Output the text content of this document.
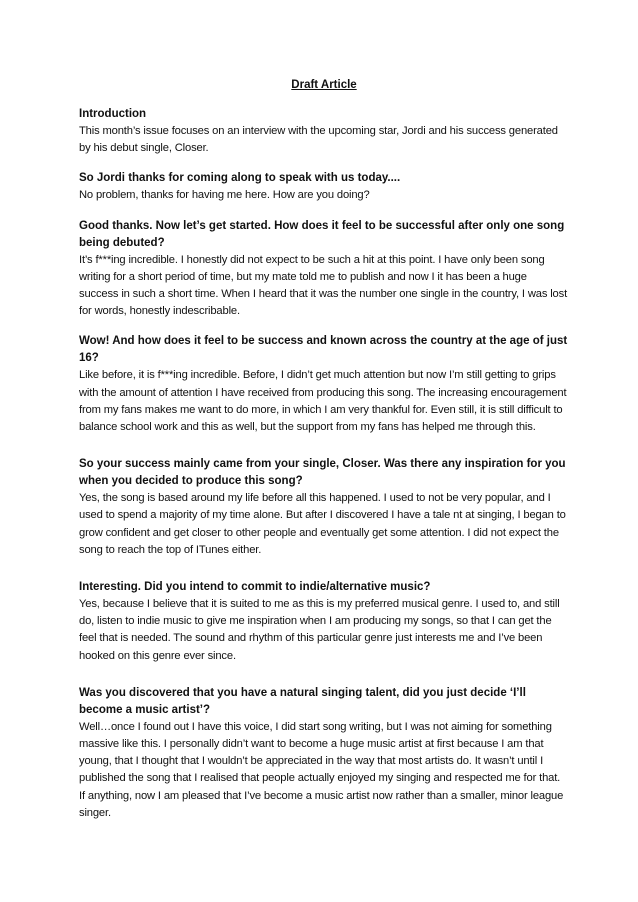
Draft Article

Introduction

This month’s issue focuses on an interview with the upcoming star, Jordi and his success generated by his debut single, Closer.

So Jordi thanks for coming along to speak with us today....

No problem, thanks for having me here. How are you doing?

Good thanks. Now let’s get started. How does it feel to be successful after only one song being debuted?

It’s f***ing incredible. I honestly did not expect to be such a hit at this point. I have only been song writing for a short period of time, but my mate told me to publish and now I it has been a huge success in such a short time. When I heard that it was the number one single in the country, I was lost for words, honestly indescribable.

Wow! And how does it feel to be success and known across the country at the age of just 16?

Like before, it is f***ing incredible. Before, I didn’t get much attention but now I’m still getting to grips with the amount of attention I have received from producing this song. The increasing encouragement from my fans makes me want to do more, in which I am very thankful for. Even still, it is still difficult to balance school work and this as well, but the support from my fans has helped me through this.

So your success mainly came from your single, Closer. Was there any inspiration for you when you decided to produce this song?

Yes, the song is based around my life before all this happened. I used to not be very popular, and I used to spend a majority of my time alone. But after I discovered I have a tale nt at singing, I began to grow confident and get closer to other people and eventually get some attention. I did not expect the song to reach the top of ITunes either.

Interesting. Did you intend to commit to indie/alternative music?

Yes, because I believe that it is suited to me as this is my preferred musical genre. I used to, and still do, listen to indie music to give me inspiration when I am producing my songs, so that I can get the feel that is needed. The sound and rhythm of this particular genre just interests me and I’ve been hooked on this genre ever since.

Was you discovered that you have a natural singing talent, did you just decide ‘I’ll become a music artist’?

Well…once I found out I have this voice, I did start song writing, but I was not aiming for something massive like this. I personally didn’t want to become a huge music artist at first because I am that young, that I thought that I wouldn’t be appreciated in the way that most artists do. It wasn’t until I published the song that I realised that people actually enjoyed my singing and respected me for that. If anything, now I am pleased that I’ve become a music artist now rather than a smaller, minor league singer.
